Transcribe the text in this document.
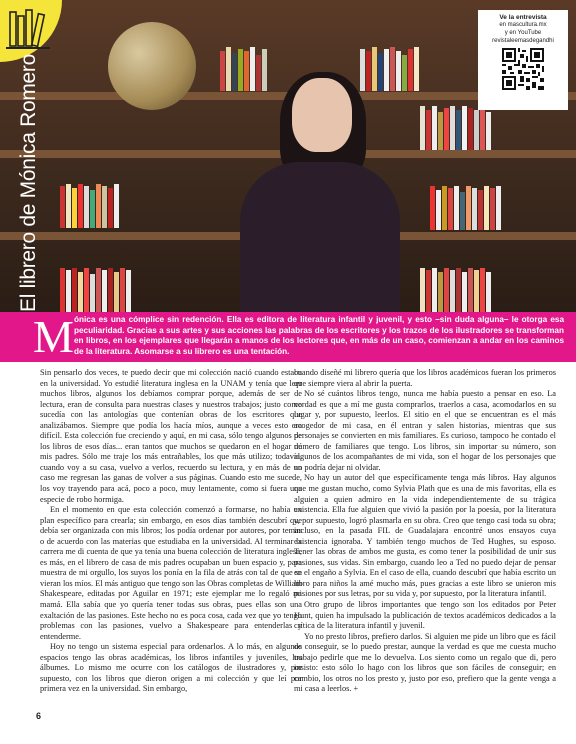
El librero de Mónica Romero
Ve la entrevista
en mascultura.mx
y en YouTube
revistaleemasdegandhi
M ónica es una cómplice sin redención. Ella es editora de literatura infantil y juvenil, y esto –sin duda alguna– le otorga esa peculiaridad. Gracias a sus artes y sus acciones las palabras de los escritores y los trazos de los ilustradores se transforman en libros, en los ejemplares que llegarán a manos de los lectores que, en más de un caso, comienzan a andar en los caminos de la literatura. Asomarse a su librero es una tentación.

Sin pensarlo dos veces, te puedo decir que mi colección nació cuando estaba en la universidad. Yo estudié literatura inglesa en la UNAM y tenía que leer muchos libros, algunos los debíamos comprar porque, además de ser de lectura, eran de consulta para nuestras clases y nuestros trabajos; justo como sucedía con las antologías que contenían obras de los escritores que analizábamos. Siempre que podía los hacía míos, aunque a veces esto era difícil. Esta colección fue creciendo y aquí, en mi casa, sólo tengo algunos de los libros de esos días... eran tantos que muchos se quedaron en el hogar de mis padres. Sólo me traje los más entrañables, los que más utilizo; todavía, cuando voy a su casa, vuelvo a verlos, recuerdo su lectura, y en más de un caso me regresan las ganas de volver a sus páginas. Cuando esto me sucede, los voy trayendo para acá, poco a poco, muy lentamente, como si fuera una especie de robo hormiga.

En el momento en que esta colección comenzó a formarse, no había un plan específico para crearla; sin embargo, en esos días también descubrí que debía ser organizada con mis libros; los podía ordenar por autores, por temas o de acuerdo con las materias que estudiaba en la universidad. Al terminar la carrera me di cuenta de que ya tenía una buena colección de literatura inglesa, es más, en el librero de casa de mis padres ocupaban un buen espacio y, para muestra de mi orgullo, los suyos los ponía en la fila de atrás con tal de que se vieran los míos. El más antiguo que tengo son las Obras completas de William Shakespeare, editadas por Aguilar en 1971; este ejemplar me lo regaló mi mamá. Ella sabía que yo quería tener todas sus obras, pues ellas son una exaltación de las pasiones. Este hecho no es poca cosa, cada vez que yo tengo problemas con las pasiones, vuelvo a Shakespeare para entenderlas y entenderme.

Hoy no tengo un sistema especial para ordenarlos. A lo más, en algunos espacios tengo las obras académicas, los libros infantiles y juveniles, los álbumes. Lo mismo me ocurre con los catálogos de ilustradores y, por supuesto, con los libros que dieron origen a mi colección y que leí por primera vez en la universidad. Sin embargo,

cuando diseñé mi librero quería que los libros académicos fueran los primeros que siempre viera al abrir la puerta.

No sé cuántos libros tengo, nunca me había puesto a pensar en eso. La verdad es que a mí me gusta comprarlos, traerlos a casa, acomodarlos en su lugar y, por supuesto, leerlos. El sitio en el que se encuentran es el más acogedor de mi casa, en él entran y salen historias, mientras que sus personajes se convierten en mis familiares. Es curioso, tampoco he contado el número de familiares que tengo. Los libros, sin importar su número, son algunos de los acompañantes de mi vida, son el hogar de los personajes que no podría dejar ni olvidar.

No hay un autor del que específicamente tenga más libros. Hay algunos que me gustan mucho, como Sylvia Plath que es una de mis favoritas, ella es alguien a quien admiro en la vida independientemente de su trágica existencia. Ella fue alguien que vivió la pasión por la poesía, por la literatura y, por supuesto, logró plasmarla en su obra. Creo que tengo casi toda su obra; incluso, en la pasada FIL de Guadalajara encontré unos ensayos cuya existencia ignoraba. Y también tengo muchos de Ted Hughes, su esposo. Tener las obras de ambos me gusta, es como tener la posibilidad de unir sus pasiones, sus vidas. Sin embargo, cuando leo a Ted no puedo dejar de pensar en el engaño a Sylvia. En el caso de ella, cuando descubrí que había escrito un libro para niños la amé mucho más, pues gracias a este libro se unieron mis pasiones por sus letras, por su vida y, por supuesto, por la literatura infantil.

Otro grupo de libros importantes que tengo son los editados por Peter Hunt, quien ha impulsado la publicación de textos académicos dedicados a la crítica de la literatura infantil y juvenil.

Yo no presto libros, prefiero darlos. Si alguien me pide un libro que es fácil de conseguir, se lo puedo prestar, aunque la verdad es que me cuesta mucho trabajo pedirle que me lo devuelva. Los siento como un regalo que di, pero insisto: esto sólo lo hago con los libros que son fáciles de conseguir; en cambio, los otros no los presto y, justo por eso, prefiero que la gente venga a mi casa a leerlos. +

6
